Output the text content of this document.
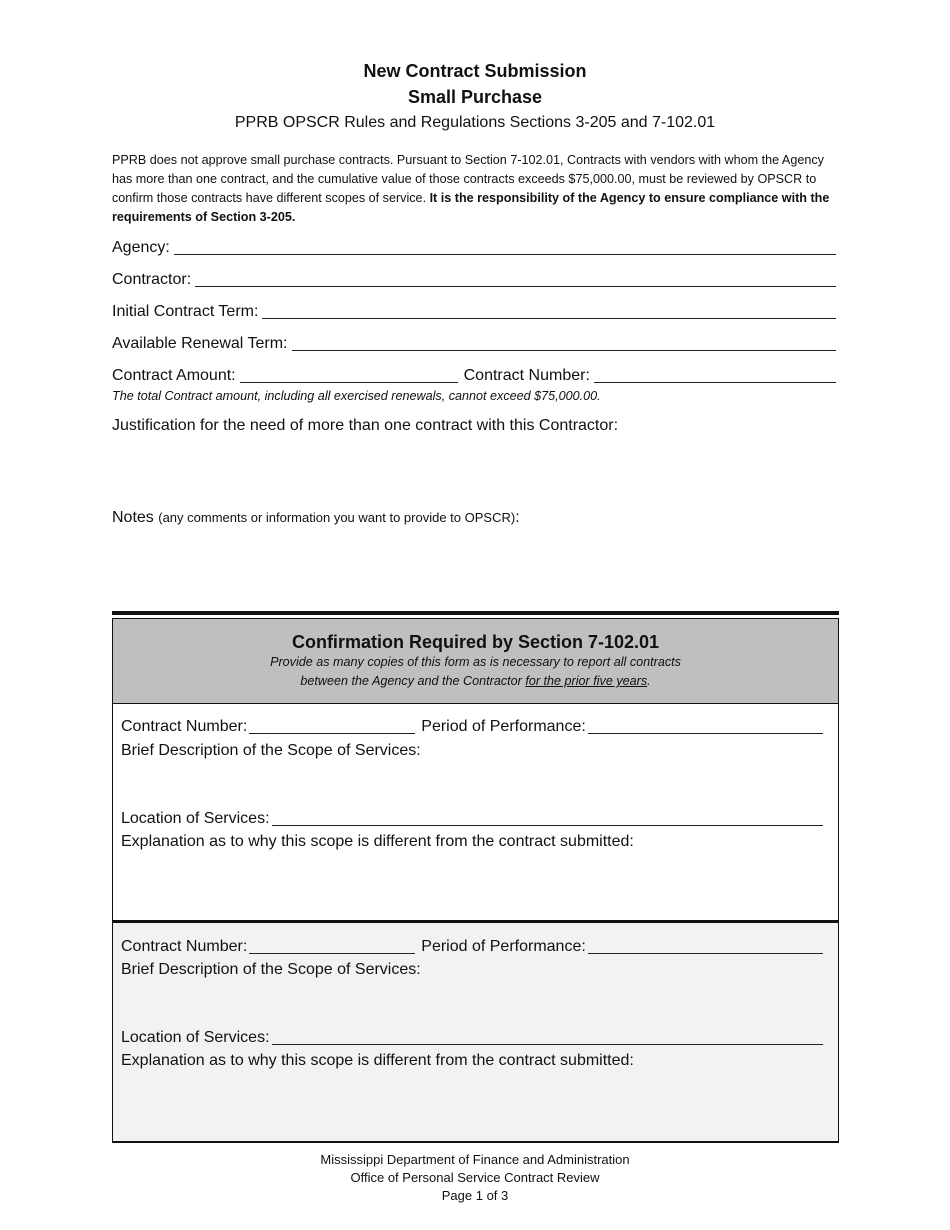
New Contract Submission
Small Purchase
PPRB OPSCR Rules and Regulations Sections 3-205 and 7-102.01
PPRB does not approve small purchase contracts. Pursuant to Section 7-102.01, Contracts with vendors with whom the Agency has more than one contract, and the cumulative value of those contracts exceeds $75,000.00, must be reviewed by OPSCR to confirm those contracts have different scopes of service. It is the responsibility of the Agency to ensure compliance with the requirements of Section 3-205.
Agency:
Contractor:
Initial Contract Term:
Available Renewal Term:
Contract Amount:	Contract Number:
The total Contract amount, including all exercised renewals, cannot exceed $75,000.00.
Justification for the need of more than one contract with this Contractor:
Notes (any comments or information you want to provide to OPSCR):
Confirmation Required by Section 7-102.01
Provide as many copies of this form as is necessary to report all contracts
between the Agency and the Contractor for the prior five years.
Contract Number:	Period of Performance:
Brief Description of the Scope of Services:
Location of Services:
Explanation as to why this scope is different from the contract submitted:
Contract Number:	Period of Performance:
Brief Description of the Scope of Services:
Location of Services:
Explanation as to why this scope is different from the contract submitted:
Mississippi Department of Finance and Administration
Office of Personal Service Contract Review
Page 1 of 3
